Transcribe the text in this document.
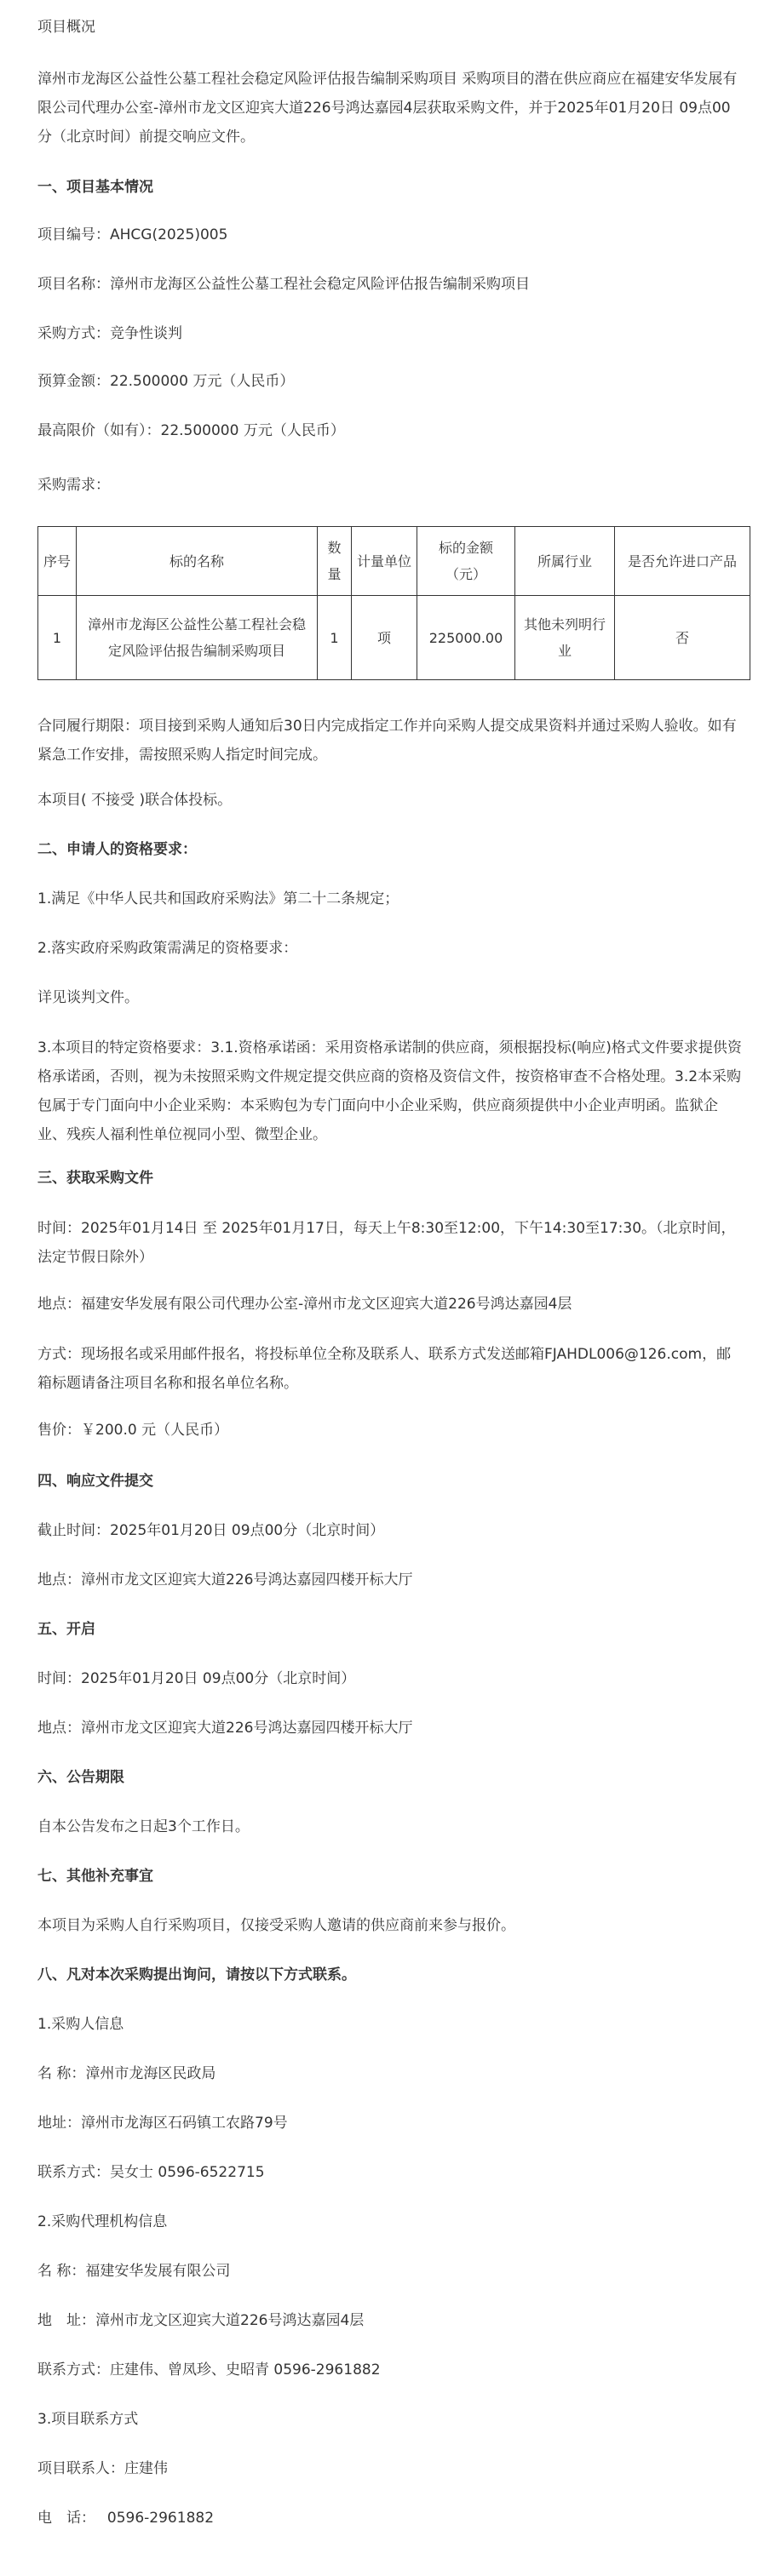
项目概况
漳州市龙海区公益性公墓工程社会稳定风险评估报告编制采购项目 采购项目的潜在供应商应在福建安华发展有限公司代理办公室-漳州市龙文区迎宾大道226号鸿达嘉园4层获取采购文件，并于2025年01月20日 09点00分（北京时间）前提交响应文件。
一、项目基本情况
项目编号：AHCG(2025)005
项目名称：漳州市龙海区公益性公墓工程社会稳定风险评估报告编制采购项目
采购方式：竞争性谈判
预算金额：22.500000 万元（人民币）
最高限价（如有）：22.500000 万元（人民币）
采购需求：
序号	标的名称	数量	计量单位	标的金额（元）	所属行业	是否允许进口产品
1	漳州市龙海区公益性公墓工程社会稳定风险评估报告编制采购项目	1	项	225000.00	其他未列明行业	否
合同履行期限：项目接到采购人通知后30日内完成指定工作并向采购人提交成果资料并通过采购人验收。如有紧急工作安排，需按照采购人指定时间完成。
本项目( 不接受 )联合体投标。
二、申请人的资格要求：
1.满足《中华人民共和国政府采购法》第二十二条规定；
2.落实政府采购政策需满足的资格要求：
详见谈判文件。
3.本项目的特定资格要求：3.1.资格承诺函：采用资格承诺制的供应商，须根据投标(响应)格式文件要求提供资格承诺函，否则，视为未按照采购文件规定提交供应商的资格及资信文件，按资格审查不合格处理。3.2本采购包属于专门面向中小企业采购：本采购包为专门面向中小企业采购，供应商须提供中小企业声明函。监狱企业、残疾人福利性单位视同小型、微型企业。
三、获取采购文件
时间：2025年01月14日 至 2025年01月17日，每天上午8:30至12:00，下午14:30至17:30。（北京时间，法定节假日除外）
地点：福建安华发展有限公司代理办公室-漳州市龙文区迎宾大道226号鸿达嘉园4层
方式：现场报名或采用邮件报名，将投标单位全称及联系人、联系方式发送邮箱FJAHDL006@126.com，邮箱标题请备注项目名称和报名单位名称。
售价：￥200.0 元（人民币）
四、响应文件提交
截止时间：2025年01月20日 09点00分（北京时间）
地点：漳州市龙文区迎宾大道226号鸿达嘉园四楼开标大厅
五、开启
时间：2025年01月20日 09点00分（北京时间）
地点：漳州市龙文区迎宾大道226号鸿达嘉园四楼开标大厅
六、公告期限
自本公告发布之日起3个工作日。
七、其他补充事宜
本项目为采购人自行采购项目，仅接受采购人邀请的供应商前来参与报价。
八、凡对本次采购提出询问，请按以下方式联系。
1.采购人信息
名 称：漳州市龙海区民政局
地址：漳州市龙海区石码镇工农路79号
联系方式：吴女士 0596-6522715
2.采购代理机构信息
名 称：福建安华发展有限公司
地　址：漳州市龙文区迎宾大道226号鸿达嘉园4层
联系方式：庄建伟、曾凤珍、史昭青 0596-2961882
3.项目联系方式
项目联系人：庄建伟
电　话：　 0596-2961882
